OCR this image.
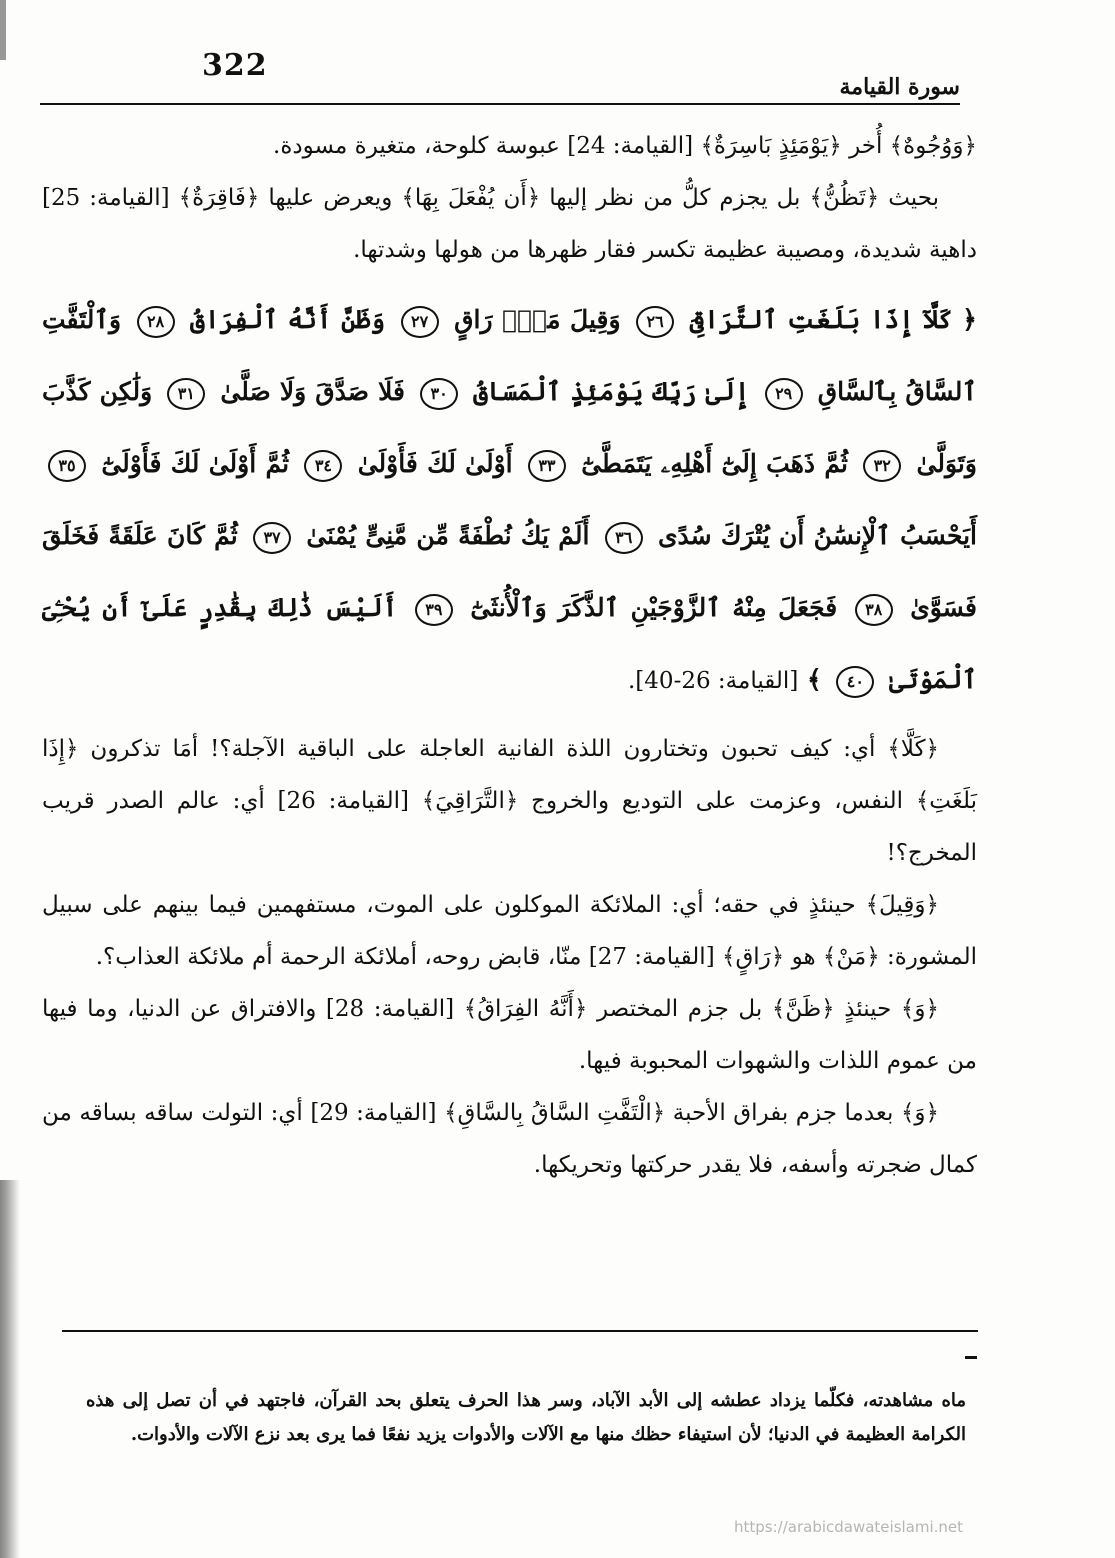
322
سورة القيامة

﴿وَوُجُوهٌ﴾ أُخر ﴿يَوْمَئِذٍ بَاسِرَةٌ﴾ [القيامة: 24] عبوسة كلوحة، متغيرة مسودة.

بحيث ﴿تَظُنُّ﴾ بل يجزم كلُّ من نظر إليها ﴿أَن يُفْعَلَ بِهَا﴾ ويعرض عليها ﴿فَاقِرَةٌ﴾ [القيامة: 25] داهية شديدة، ومصيبة عظيمة تكسر فقار ظهرها من هولها وشدتها.

﴿ كَلَّآ إِذَا بَلَغَتِ ٱلتَّرَاقِىَ ٢٦ وَقِيلَ مَنْۜ رَاقٍ ٢٧ وَظَنَّ أَنَّهُ ٱلْفِرَاقُ ٢٨ وَٱلْتَفَّتِ ٱلسَّاقُ بِٱلسَّاقِ ٢٩ إِلَىٰ رَبِّكَ يَوْمَئِذٍ ٱلْمَسَاقُ ٣٠ فَلَا صَدَّقَ وَلَا صَلَّىٰ ٣١ وَلَٰكِن كَذَّبَ وَتَوَلَّىٰ ٣٢ ثُمَّ ذَهَبَ إِلَىٰٓ أَهْلِهِۦ يَتَمَطَّىٰٓ ٣٣ أَوْلَىٰ لَكَ فَأَوْلَىٰ ٣٤ ثُمَّ أَوْلَىٰ لَكَ فَأَوْلَىٰٓ ٣٥ أَيَحْسَبُ ٱلْإِنسَٰنُ أَن يُتْرَكَ سُدًى ٣٦ أَلَمْ يَكُ نُطْفَةً مِّن مَّنِىٍّ يُمْنَىٰ ٣٧ ثُمَّ كَانَ عَلَقَةً فَخَلَقَ فَسَوَّىٰ ٣٨ فَجَعَلَ مِنْهُ ٱلزَّوْجَيْنِ ٱلذَّكَرَ وَٱلْأُنثَىٰٓ ٣٩ أَلَيْسَ ذَٰلِكَ بِقَٰدِرٍ عَلَىٰٓ أَن يُحْـِۧىَ ٱلْمَوْتَىٰ ٤٠ ﴾ [القيامة: 26-40].

﴿كَلَّا﴾ أي: كيف تحبون وتختارون اللذة الفانية العاجلة على الباقية الآجلة؟! أمَا تذكرون ﴿إِذَا بَلَغَتِ﴾ النفس، وعزمت على التوديع والخروج ﴿التَّرَاقِيَ﴾ [القيامة: 26] أي: عالم الصدر قريب المخرج؟!

﴿وَقِيلَ﴾ حينئذٍ في حقه؛ أي: الملائكة الموكلون على الموت، مستفهمين فيما بينهم على سبيل المشورة: ﴿مَنْ﴾ هو ﴿رَاقٍ﴾ [القيامة: 27] منّا، قابض روحه، أملائكة الرحمة أم ملائكة العذاب؟.

﴿وَ﴾ حينئذٍ ﴿ظَنَّ﴾ بل جزم المختصر ﴿أَنَّهُ الفِرَاقُ﴾ [القيامة: 28] والافتراق عن الدنيا، وما فيها من عموم اللذات والشهوات المحبوبة فيها.

﴿وَ﴾ بعدما جزم بفراق الأحبة ﴿الْتَفَّتِ السَّاقُ بِالسَّاقِ﴾ [القيامة: 29] أي: التولت ساقه بساقه من كمال ضجرته وأسفه، فلا يقدر حركتها وتحريكها.

ماه مشاهدته، فكلّما يزداد عطشه إلى الأبد الآباد، وسر هذا الحرف يتعلق بحد القرآن، فاجتهد في أن تصل إلى هذه الكرامة العظيمة في الدنيا؛ لأن استيفاء حظك منها مع الآلات والأدوات يزيد نفعًا فما يرى بعد نزع الآلات والأدوات.
https://arabicdawateislami.net
